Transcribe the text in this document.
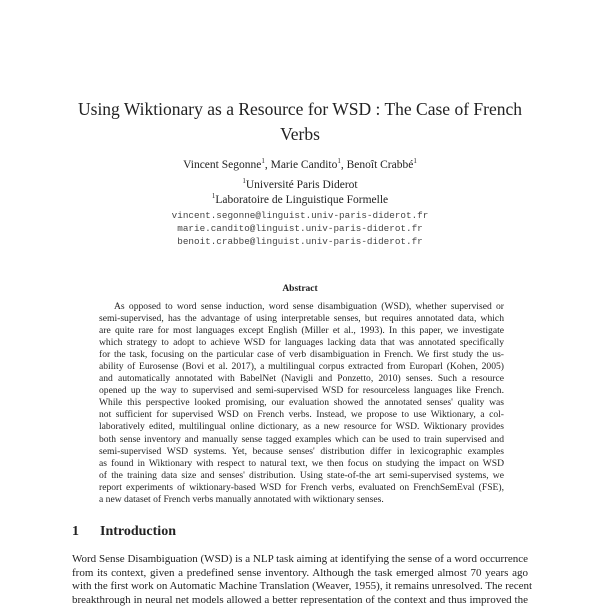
Using Wiktionary as a Resource for WSD : The Case of French
Verbs
Vincent Segonne$^1$, Marie Candito$^1$, Benoît Crabbé$^1$
$^1$Université Paris Diderot
$^1$Laboratoire de Linguistique Formelle
vincent.segonne@linguist.univ-paris-diderot.fr
marie.candito@linguist.univ-paris-diderot.fr
benoit.crabbe@linguist.univ-paris-diderot.fr
Abstract
As opposed to word sense induction, word sense disambiguation (WSD), whether supervised or
semi-supervised, has the advantage of using interpretable senses, but requires annotated data, which
are quite rare for most languages except English (Miller et al., 1993). In this paper, we investigate
which strategy to adopt to achieve WSD for languages lacking data that was annotated specifically
for the task, focusing on the particular case of verb disambiguation in French. We first study the us-
ability of Eurosense (Bovi et al. 2017), a multilingual corpus extracted from Europarl (Kohen, 2005)
and automatically annotated with BabelNet (Navigli and Ponzetto, 2010) senses. Such a resource
opened up the way to supervised and semi-supervised WSD for resourceless languages like French.
While this perspective looked promising, our evaluation showed the annotated senses' quality was
not sufficient for supervised WSD on French verbs. Instead, we propose to use Wiktionary, a col-
laboratively edited, multilingual online dictionary, as a new resource for WSD. Wiktionary provides
both sense inventory and manually sense tagged examples which can be used to train supervised and
semi-supervised WSD systems. Yet, because senses' distribution differ in lexicographic examples
as found in Wiktionary with respect to natural text, we then focus on studying the impact on WSD
of the training data size and senses' distribution. Using state-of-the art semi-supervised systems, we
report experiments of wiktionary-based WSD for French verbs, evaluated on FrenchSemEval (FSE),
a new dataset of French verbs manually annotated with wiktionary senses.
1 Introduction
Word Sense Disambiguation (WSD) is a NLP task aiming at identifying the sense of a word occurrence
from its context, given a predefined sense inventory. Although the task emerged almost 70 years ago
with the first work on Automatic Machine Translation (Weaver, 1955), it remains unresolved. The recent
breakthrough in neural net models allowed a better representation of the context and thus improved the
